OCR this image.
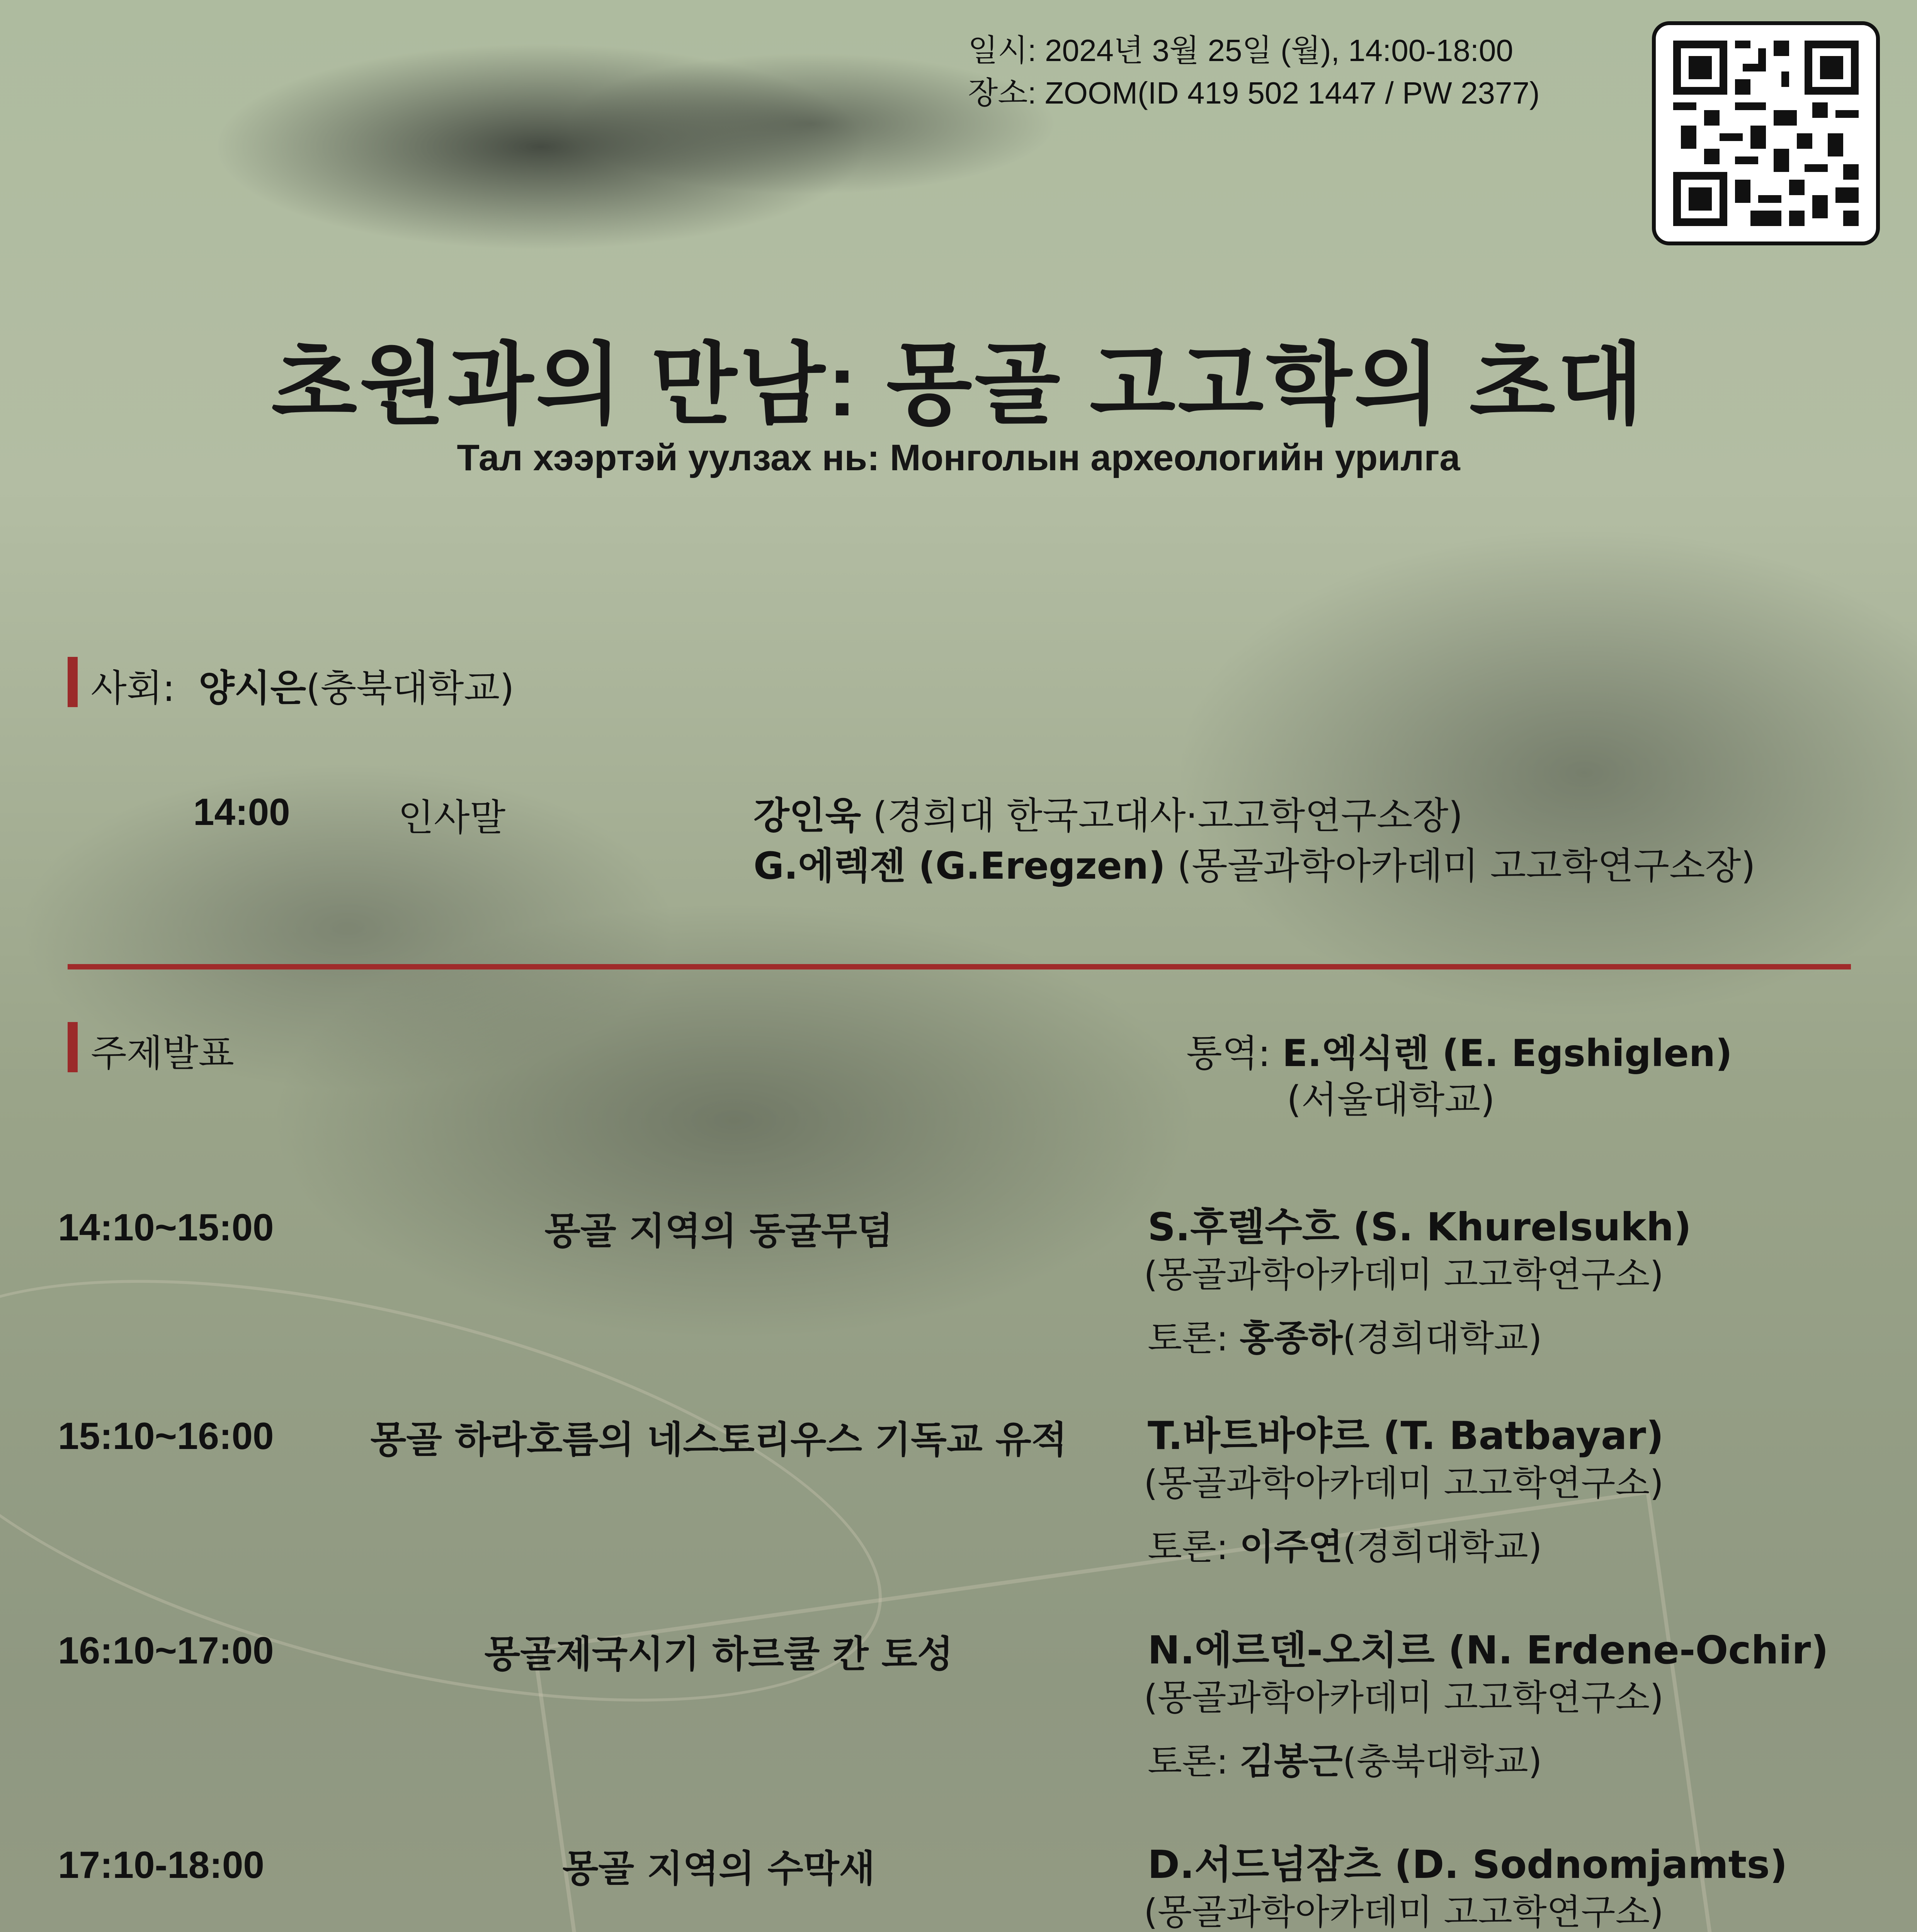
일시: 2024년 3월 25일 (월), 14:00-18:00

장소: ZOOM(ID 419 502 1447 / PW 2377)

초원과의 만남: 몽골 고고학의 초대
Тал хээртэй уулзах нь: Монголын археологийн урилга

사회: 양시은(충북대학교)

14:00	인사말	강인욱 (경희대 한국고대사·고고학연구소장)

G.에렉젠 (G.Eregzen) (몽골과학아카데미 고고학연구소장)

주제발표	통역: E.엑식렌 (E. Egshiglen)

(서울대학교)

14:10~15:00	몽골 지역의 동굴무덤	S.후렐수흐 (S. Khurelsukh)

(몽골과학아카데미 고고학연구소)

토론: 홍종하(경희대학교)

15:10~16:00	몽골 하라호름의 네스토리우스 기독교 유적	T.바트바야르 (T. Batbayar)

(몽골과학아카데미 고고학연구소)

토론: 이주연(경희대학교)

16:10~17:00	몽골제국시기 하르쿨 칸 토성	N.에르덴-오치르 (N. Erdene-Ochir)

(몽골과학아카데미 고고학연구소)

토론: 김봉근(충북대학교)

17:10-18:00	몽골 지역의 수막새	D.서드넘잠츠 (D. Sodnomjamts)

(몽골과학아카데미 고고학연구소)
